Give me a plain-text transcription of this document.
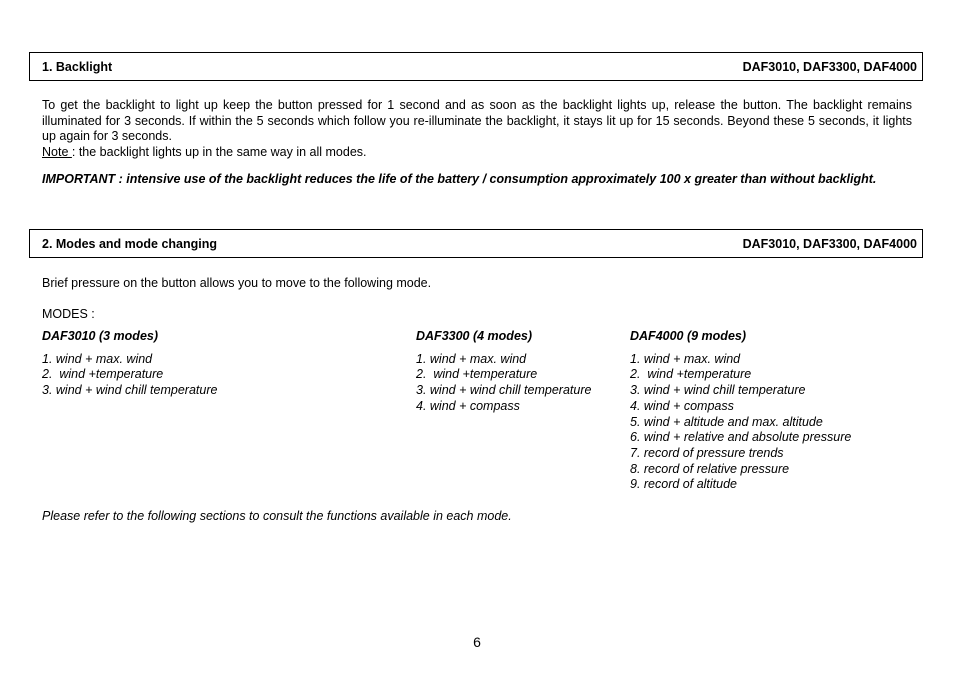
1. Backlight	DAF3010, DAF3300, DAF4000
To get the backlight to light up keep the button pressed for 1 second and as soon as the backlight lights up, release the button. The backlight remains illuminated for 3 seconds. If within the 5 seconds which follow you re-illuminate the backlight, it stays lit up for 15 seconds. Beyond these 5 seconds, it lights up again for 3 seconds.
Note : the backlight lights up in the same way in all modes.
IMPORTANT : intensive use of the backlight reduces the life of the battery / consumption approximately 100 x greater than without backlight.
2. Modes and mode changing	DAF3010, DAF3300, DAF4000
Brief pressure on the button allows you to move to the following mode.
MODES :
DAF3010 (3 modes)
1. wind + max. wind
2.  wind +temperature
3. wind + wind chill temperature
DAF3300 (4 modes)
1. wind + max. wind
2.  wind +temperature
3. wind + wind chill temperature
4. wind + compass
DAF4000 (9 modes)
1. wind + max. wind
2.  wind +temperature
3. wind + wind chill temperature
4. wind + compass
5. wind + altitude and max. altitude
6. wind + relative and absolute pressure
7. record of pressure trends
8. record of relative pressure
9. record of altitude
Please refer to the following sections to consult the functions available in each mode.
6
